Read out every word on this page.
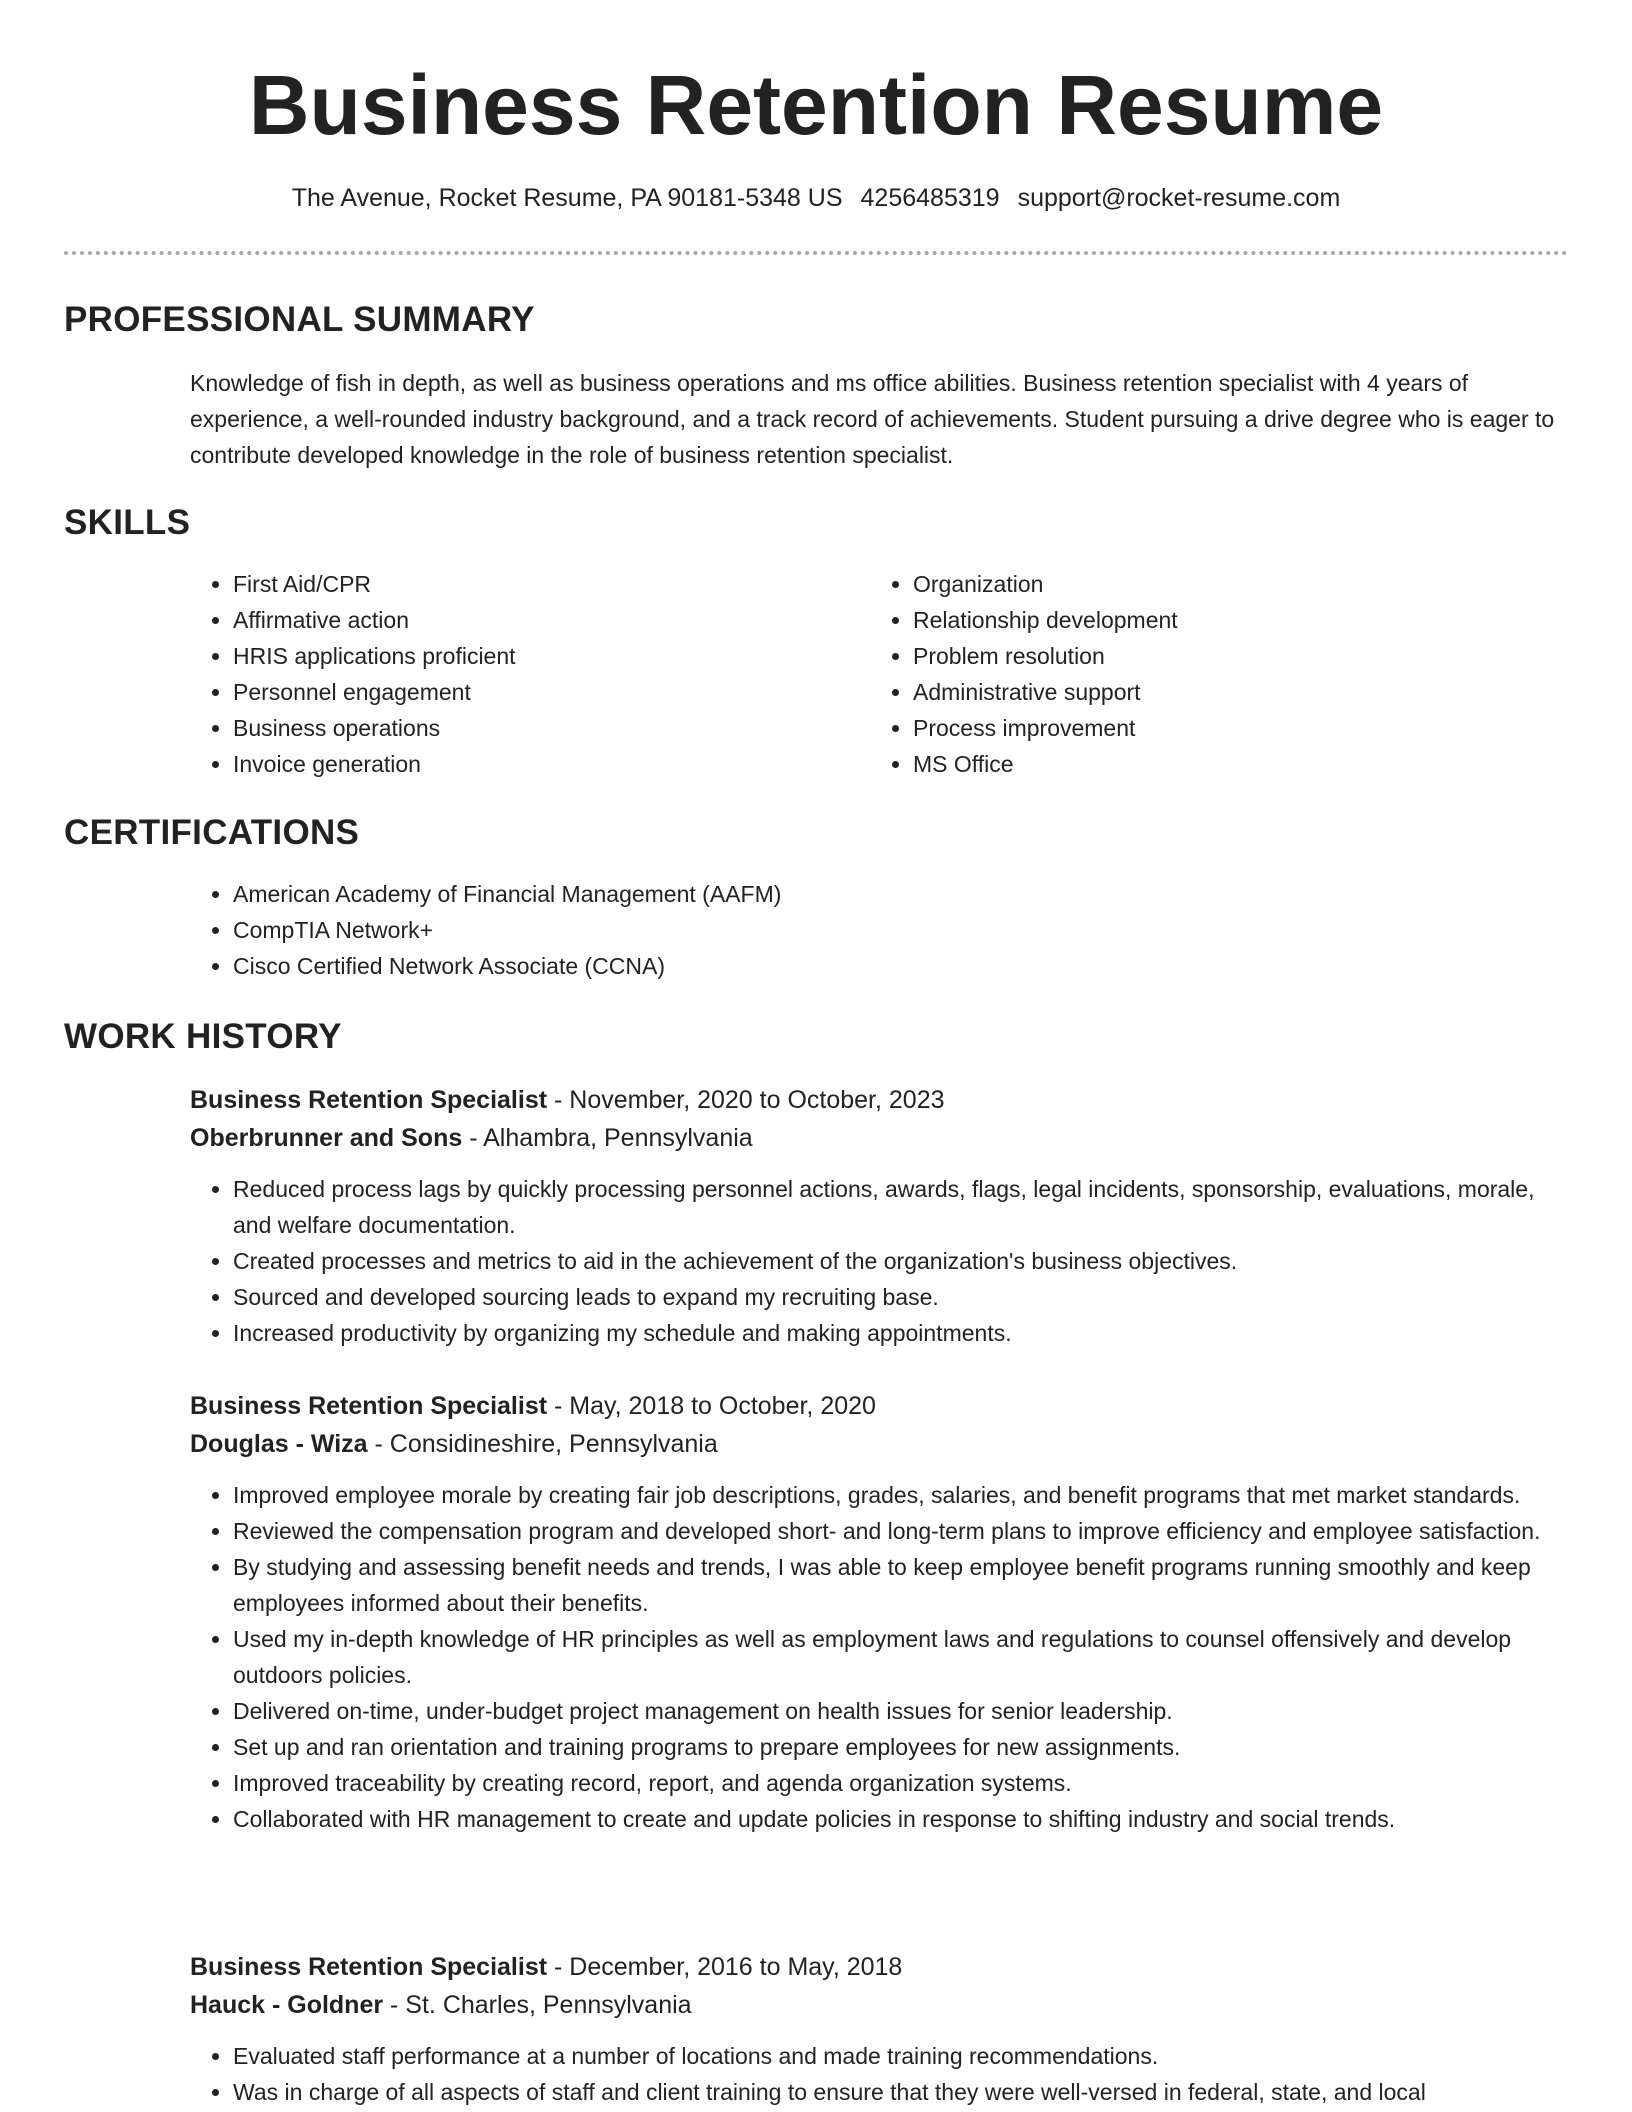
Business Retention Resume
The Avenue, Rocket Resume, PA 90181-5348 US 4256485319 support@rocket-resume.com
PROFESSIONAL SUMMARY

Knowledge of fish in depth, as well as business operations and ms office abilities. Business retention specialist with 4 years of experience, a well-rounded industry background, and a track record of achievements. Student pursuing a drive degree who is eager to contribute developed knowledge in the role of business retention specialist.

SKILLS
• First Aid/CPR
• Affirmative action
• HRIS applications proficient
• Personnel engagement
• Business operations
• Invoice generation
• Organization
• Relationship development
• Problem resolution
• Administrative support
• Process improvement
• MS Office
CERTIFICATIONS
• American Academy of Financial Management (AAFM)
• CompTIA Network+
• Cisco Certified Network Associate (CCNA)
WORK HISTORY
Business Retention Specialist - November, 2020 to October, 2023
Oberbrunner and Sons - Alhambra, Pennsylvania
• Reduced process lags by quickly processing personnel actions, awards, flags, legal incidents, sponsorship, evaluations, morale, and welfare documentation.
• Created processes and metrics to aid in the achievement of the organization's business objectives.
• Sourced and developed sourcing leads to expand my recruiting base.
• Increased productivity by organizing my schedule and making appointments.
Business Retention Specialist - May, 2018 to October, 2020
Douglas - Wiza - Considineshire, Pennsylvania
• Improved employee morale by creating fair job descriptions, grades, salaries, and benefit programs that met market standards.
• Reviewed the compensation program and developed short- and long-term plans to improve efficiency and employee satisfaction.
• By studying and assessing benefit needs and trends, I was able to keep employee benefit programs running smoothly and keep employees informed about their benefits.
• Used my in-depth knowledge of HR principles as well as employment laws and regulations to counsel offensively and develop outdoors policies.
• Delivered on-time, under-budget project management on health issues for senior leadership.
• Set up and ran orientation and training programs to prepare employees for new assignments.
• Improved traceability by creating record, report, and agenda organization systems.
• Collaborated with HR management to create and update policies in response to shifting industry and social trends.
Business Retention Specialist - December, 2016 to May, 2018
Hauck - Goldner - St. Charles, Pennsylvania
• Evaluated staff performance at a number of locations and made training recommendations.
• Was in charge of all aspects of staff and client training to ensure that they were well-versed in federal, state, and local
